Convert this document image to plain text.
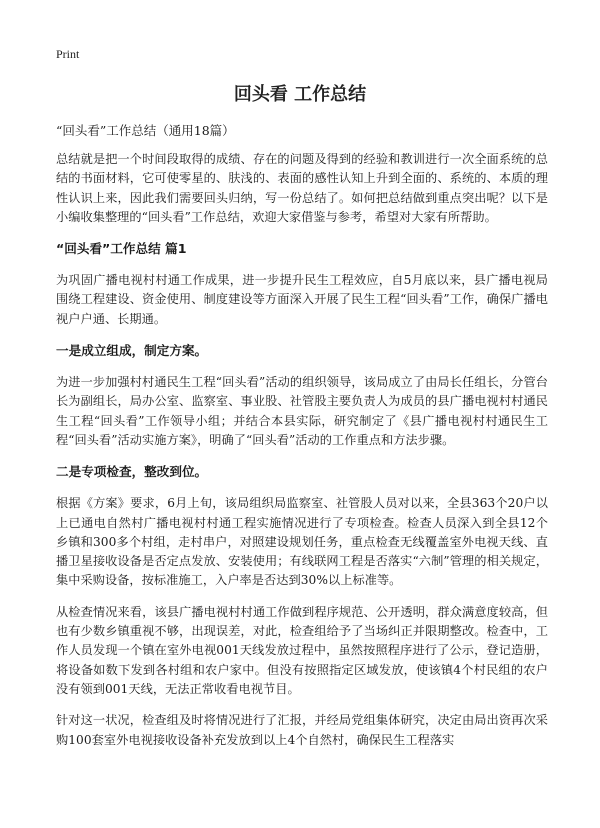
Print
回头看 工作总结
“回头看”工作总结（通用18篇）

总结就是把一个时间段取得的成绩、存在的问题及得到的经验和教训进行一次全面系统的总结的书面材料，它可使零星的、肤浅的、表面的感性认知上升到全面的、系统的、本质的理性认识上来，因此我们需要回头归纳，写一份总结了。如何把总结做到重点突出呢？以下是小编收集整理的“回头看”工作总结，欢迎大家借鉴与参考，希望对大家有所帮助。

“回头看”工作总结 篇1

为巩固广播电视村村通工作成果，进一步提升民生工程效应，自5月底以来，县广播电视局围绕工程建设、资金使用、制度建设等方面深入开展了民生工程“回头看”工作，确保广播电视户户通、长期通。

一是成立组成，制定方案。

为进一步加强村村通民生工程“回头看”活动的组织领导，该局成立了由局长任组长，分管台长为副组长，局办公室、监察室、事业股、社管股主要负责人为成员的县广播电视村村通民生工程“回头看”工作领导小组；并结合本县实际，研究制定了《县广播电视村村通民生工程“回头看”活动实施方案》，明确了“回头看”活动的工作重点和方法步骤。

二是专项检查，整改到位。

根据《方案》要求，6月上旬，该局组织局监察室、社管股人员对以来，全县363个20户以上已通电自然村广播电视村村通工程实施情况进行了专项检查。检查人员深入到全县12个乡镇和300多个村组，走村串户，对照建设规划任务，重点检查无线覆盖室外电视天线、直播卫星接收设备是否定点发放、安装使用；有线联网工程是否落实“六制”管理的相关规定，集中采购设备，按标准施工，入户率是否达到30%以上标准等。

从检查情况来看，该县广播电视村村通工作做到程序规范、公开透明，群众满意度较高，但也有少数乡镇重视不够，出现误差，对此，检查组给予了当场纠正并限期整改。检查中，工作人员发现一个镇在室外电视001天线发放过程中，虽然按照程序进行了公示，登记造册，将设备如数下发到各村组和农户家中。但没有按照指定区域发放，使该镇4个村民组的农户没有领到001天线，无法正常收看电视节目。

针对这一状况，检查组及时将情况进行了汇报，并经局党组集体研究，决定由局出资再次采购100套室外电视接收设备补充发放到以上4个自然村，确保民生工程落实
